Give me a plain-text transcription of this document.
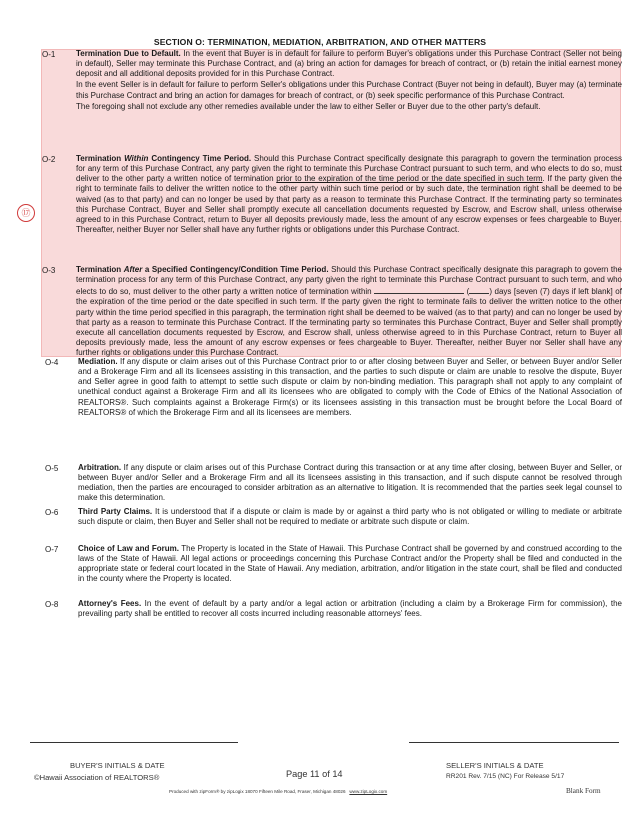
SECTION O: TERMINATION, MEDIATION, ARBITRATION, AND OTHER MATTERS
⑰
O-1	Termination Due to Default. In the event that Buyer is in default for failure to perform Buyer's obligations under this Purchase Contract (Seller not being in default), Seller may terminate this Purchase Contract, and (a) bring an action for damages for breach of contract, or (b) retain the initial earnest money deposit and all additional deposits provided for in this Purchase Contract.

In the event Seller is in default for failure to perform Seller's obligations under this Purchase Contract (Buyer not being in default), Buyer may (a) terminate this Purchase Contract and bring an action for damages for breach of contract, or (b) seek specific performance of this Purchase Contract.

The foregoing shall not exclude any other remedies available under the law to either Seller or Buyer due to the other party's default.

O-2	Termination Within Contingency Time Period. Should this Purchase Contract specifically designate this paragraph to govern the termination process for any term of this Purchase Contract, any party given the right to terminate this Purchase Contract pursuant to such term, and who elects to do so, must deliver to the other party a written notice of termination prior to the expiration of the time period or the date specified in such term. If the party given the right to terminate fails to deliver the written notice to the other party within such time period or by such date, the termination right shall be deemed to be waived (as to that party) and can no longer be used by that party as a reason to terminate this Purchase Contract. If the terminating party so terminates this Purchase Contract, Buyer and Seller shall promptly execute all cancellation documents requested by Escrow, and Escrow shall, unless otherwise agreed to in this Purchase Contract, return to Buyer all deposits previously made, less the amount of any escrow expenses or fees chargeable to Buyer. Thereafter, neither Buyer nor Seller shall have any further rights or obligations under this Purchase Contract.

O-3	Termination After a Specified Contingency/Condition Time Period. Should this Purchase Contract specifically designate this paragraph to govern the termination process for any term of this Purchase Contract, any party given the right to terminate this Purchase Contract pursuant to such term, and who elects to do so, must deliver to the other party a written notice of termination within	(	) days [seven (7) days if left blank] of the expiration of the time period or the date specified in such term. If the party given the right to terminate fails to deliver the written notice to the other party within the time period specified in this paragraph, the termination right shall be deemed to be waived (as to that party) and can no longer be used by that party as a reason to terminate this Purchase Contract. If the terminating party so terminates this Purchase Contract, Buyer and Seller shall promptly execute all cancellation documents requested by Escrow, and Escrow shall, unless otherwise agreed to in this Purchase Contract, return to Buyer all deposits previously made, less the amount of any escrow expenses or fees chargeable to Buyer. Thereafter, neither Buyer nor Seller shall have any further rights or obligations under this Purchase Contract.

O-4 Mediation. If any dispute or claim arises out of this Purchase Contract prior to or after closing between Buyer and Seller, or between Buyer and/or Seller and a Brokerage Firm and all its licensees assisting in this transaction, and the parties to such dispute or claim are unable to resolve the dispute, Buyer and Seller agree in good faith to attempt to settle such dispute or claim by non-binding mediation. This paragraph shall not apply to any complaint of unethical conduct against a Brokerage Firm and all its licensees who are obligated to comply with the Code of Ethics of the National Association of REALTORS®. Such complaints against a Brokerage Firm(s) or its licensees assisting in this transaction must be brought before the Local Board of REALTORS® of which the Brokerage Firm and all its licensees are members.

O-5 Arbitration. If any dispute or claim arises out of this Purchase Contract during this transaction or at any time after closing, between Buyer and Seller, or between Buyer and/or Seller and a Brokerage Firm and all its licensees assisting in this transaction, and if such dispute cannot be resolved through mediation, then the parties are encouraged to consider arbitration as an alternative to litigation. It is recommended that the parties seek legal counsel to make this determination.

O-6 Third Party Claims. It is understood that if a dispute or claim is made by or against a third party who is not obligated or willing to mediate or arbitrate such dispute or claim, then Buyer and Seller shall not be required to mediate or arbitrate such dispute or claim.

O-7 Choice of Law and Forum. The Property is located in the State of Hawaii. This Purchase Contract shall be governed by and construed according to the laws of the State of Hawaii. All legal actions or proceedings concerning this Purchase Contract and/or the Property shall be filed and conducted in the appropriate state or federal court located in the State of Hawaii. Any mediation, arbitration, and/or litigation in the state court, shall be filed and conducted in the county where the Property is located.

O-8 Attorney's Fees. In the event of default by a party and/or a legal action or arbitration (including a claim by a Brokerage Firm for commission), the prevailing party shall be entitled to recover all costs incurred including reasonable attorneys' fees.

BUYER'S INITIALS & DATE	SELLER'S INITIALS & DATE
©Hawaii Association of REALTORS®	Page 11 of 14	RR201 Rev. 7/15 (NC) For Release 5/17
Produced with zipForm® by zipLogix 18070 Fifteen Mile Road, Fraser, Michigan 48026 www.zipLogix.com	Blank Form
